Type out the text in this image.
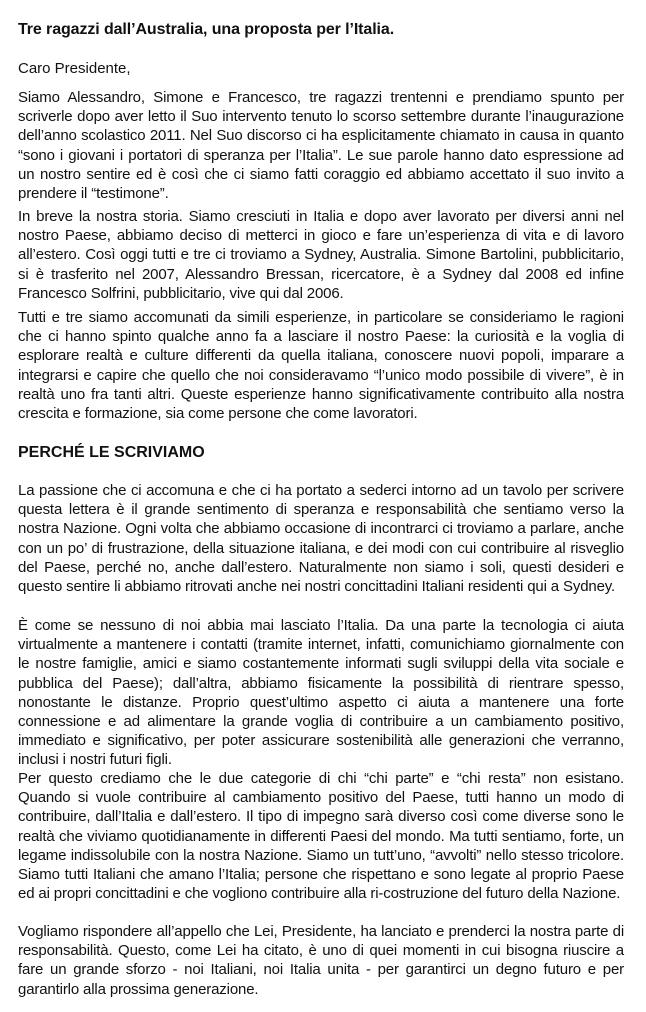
Tre ragazzi dall’Australia, una proposta per l’Italia.

Caro Presidente,

Siamo Alessandro, Simone e Francesco, tre ragazzi trentenni e prendiamo spunto per scriverle dopo aver letto il Suo intervento tenuto lo scorso settembre durante l’inaugurazione dell’anno scolastico 2011. Nel Suo discorso ci ha esplicitamente chiamato in causa in quanto “sono i giovani i portatori di speranza per l’Italia”. Le sue parole hanno dato espressione ad un nostro sentire ed è così che ci siamo fatti coraggio ed abbiamo accettato il suo invito a prendere il “testimone”.

In breve la nostra storia. Siamo cresciuti in Italia e dopo aver lavorato per diversi anni nel nostro Paese, abbiamo deciso di metterci in gioco e fare un’esperienza di vita e di lavoro all’estero. Così oggi tutti e tre ci troviamo a Sydney, Australia. Simone Bartolini, pubblicitario, si è trasferito nel 2007, Alessandro Bressan, ricercatore, è a Sydney dal 2008 ed infine Francesco Solfrini, pubblicitario, vive qui dal 2006.

Tutti e tre siamo accomunati da simili esperienze, in particolare se consideriamo le ragioni che ci hanno spinto qualche anno fa a lasciare il nostro Paese: la curiosità e la voglia di esplorare realtà e culture differenti da quella italiana, conoscere nuovi popoli, imparare a integrarsi e capire che quello che noi consideravamo “l’unico modo possibile di vivere”, è in realtà uno fra tanti altri. Queste esperienze hanno significativamente contribuito alla nostra crescita e formazione, sia come persone che come lavoratori.

PERCHÉ LE SCRIVIAMO

La passione che ci accomuna e che ci ha portato a sederci intorno ad un tavolo per scrivere questa lettera è il grande sentimento di speranza e responsabilità che sentiamo verso la nostra Nazione. Ogni volta che abbiamo occasione di incontrarci ci troviamo a parlare, anche con un po’ di frustrazione, della situazione italiana, e dei modi con cui contribuire al risveglio del Paese, perché no, anche dall’estero. Naturalmente non siamo i soli, questi desideri e questo sentire li abbiamo ritrovati anche nei nostri concittadini Italiani residenti qui a Sydney.

È come se nessuno di noi abbia mai lasciato l’Italia. Da una parte la tecnologia ci aiuta virtualmente a mantenere i contatti (tramite internet, infatti, comunichiamo giornalmente con le nostre famiglie, amici e siamo costantemente informati sugli sviluppi della vita sociale e pubblica del Paese); dall’altra, abbiamo fisicamente la possibilità di rientrare spesso, nonostante le distanze. Proprio quest’ultimo aspetto ci aiuta a mantenere una forte connessione e ad alimentare la grande voglia di contribuire a un cambiamento positivo, immediato e significativo, per poter assicurare sostenibilità alle generazioni che verranno, inclusi i nostri futuri figli.

Per questo crediamo che le due categorie di chi “chi parte” e “chi resta” non esistano. Quando si vuole contribuire al cambiamento positivo del Paese, tutti hanno un modo di contribuire, dall’Italia e dall’estero. Il tipo di impegno sarà diverso così come diverse sono le realtà che viviamo quotidianamente in differenti Paesi del mondo. Ma tutti sentiamo, forte, un legame indissolubile con la nostra Nazione. Siamo un tutt’uno, “avvolti” nello stesso tricolore. Siamo tutti Italiani che amano l’Italia; persone che rispettano e sono legate al proprio Paese ed ai propri concittadini e che vogliono contribuire alla ri-costruzione del futuro della Nazione.

Vogliamo rispondere all’appello che Lei, Presidente, ha lanciato e prenderci la nostra parte di responsabilità. Questo, come Lei ha citato, è uno di quei momenti in cui bisogna riuscire a fare un grande sforzo - noi Italiani, noi Italia unita - per garantirci un degno futuro e per garantirlo alla prossima generazione.
